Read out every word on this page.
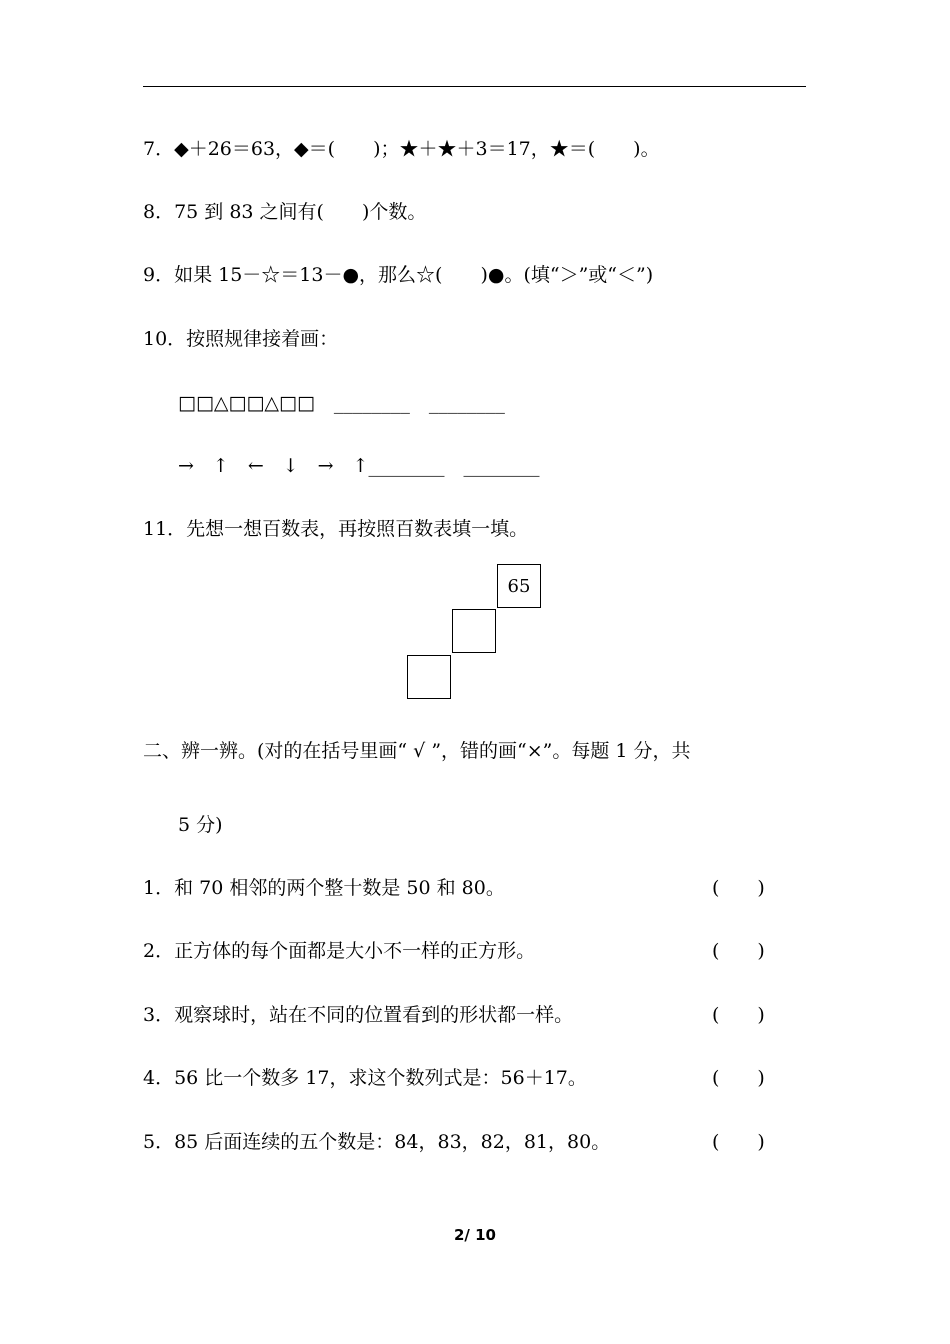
7．◆＋26＝63，◆＝(　　)；★＋★＋3＝17，★＝(　　)。
8．75 到 83 之间有(　　)个数。
9．如果 15－☆＝13－●，那么☆(　　)●。(填“＞”或“＜”)
10．按照规律接着画：
□□△□□△□□　________　________
→　↑　←　↓　→　↑________　________
11．先想一想百数表，再按照百数表填一填。
65
二、辨一辨。(对的在括号里画“ √ ”，错的画“×”。每题 1 分，共
5 分)
1．和 70 相邻的两个整十数是 50 和 80。	(　　)
2．正方体的每个面都是大小不一样的正方形。	(　　)
3．观察球时，站在不同的位置看到的形状都一样。	(　　)
4．56 比一个数多 17，求这个数列式是：56＋17。	(　　)
5．85 后面连续的五个数是：84，83，82，81，80。	(　　)
2/ 10
